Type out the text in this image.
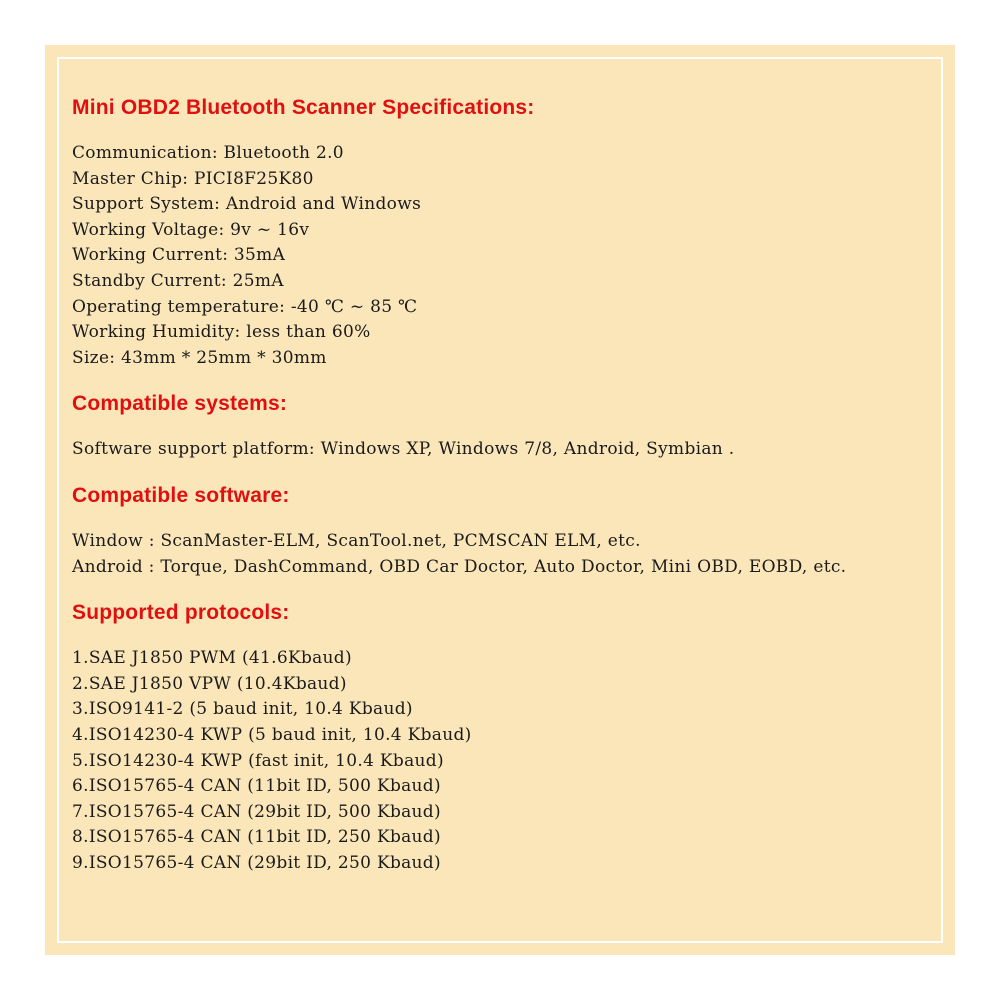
Mini OBD2 Bluetooth Scanner Specifications:
Communication: Bluetooth 2.0
Master Chip: PICI8F25K80
Support System: Android and Windows
Working Voltage: 9v ~ 16v
Working Current: 35mA
Standby Current: 25mA
Operating temperature: -40 ℃ ~ 85 ℃
Working Humidity: less than 60%
Size: 43mm * 25mm * 30mm
Compatible systems:
Software support platform: Windows XP, Windows 7/8, Android, Symbian .
Compatible software:
Window : ScanMaster-ELM, ScanTool.net, PCMSCAN ELM, etc.
Android : Torque, DashCommand, OBD Car Doctor, Auto Doctor, Mini OBD, EOBD, etc.
Supported protocols:
1.SAE J1850 PWM (41.6Kbaud)
2.SAE J1850 VPW (10.4Kbaud)
3.ISO9141-2 (5 baud init, 10.4 Kbaud)
4.ISO14230-4 KWP (5 baud init, 10.4 Kbaud)
5.ISO14230-4 KWP (fast init, 10.4 Kbaud)
6.ISO15765-4 CAN (11bit ID, 500 Kbaud)
7.ISO15765-4 CAN (29bit ID, 500 Kbaud)
8.ISO15765-4 CAN (11bit ID, 250 Kbaud)
9.ISO15765-4 CAN (29bit ID, 250 Kbaud)
